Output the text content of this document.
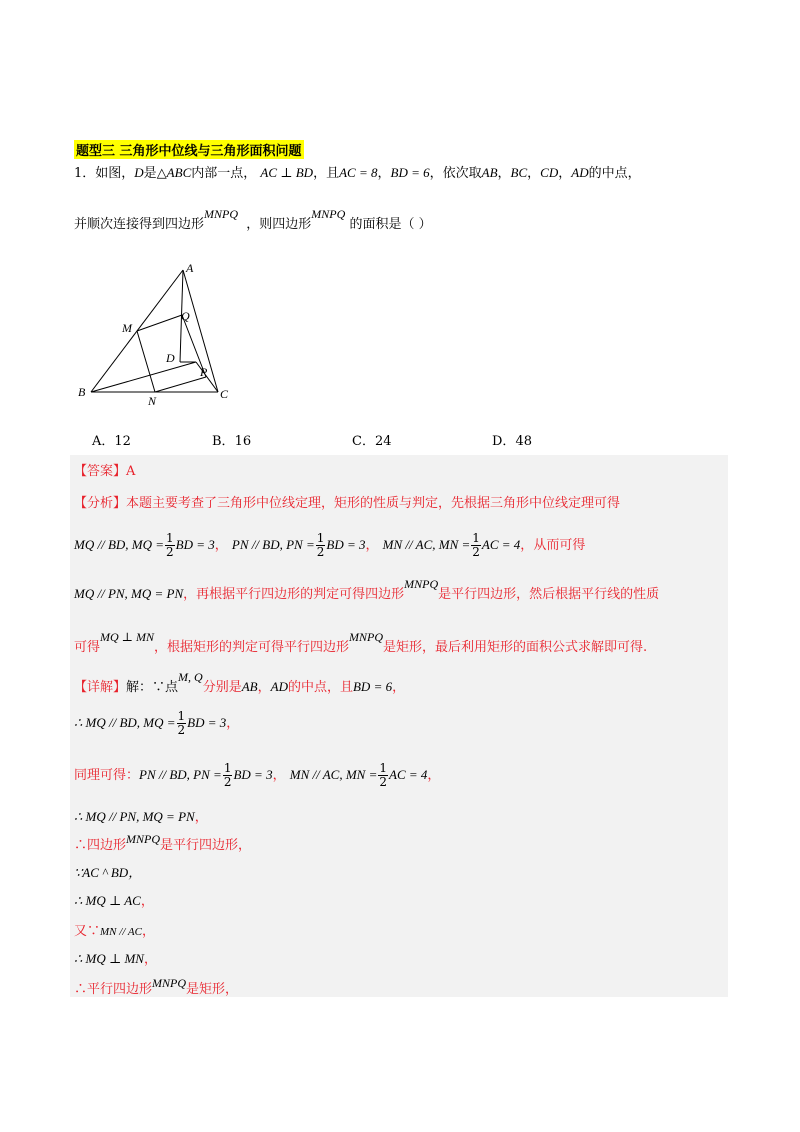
题型三 三角形中位线与三角形面积问题
1．如图，D是△ABC内部一点， AC ⊥ BD，且AC = 8，BD = 6，依次取AB，BC，CD，AD的中点，
并顺次连接得到四边形MNPQ  ，则四边形MNPQ 的面积是（ ）
A
B	C
D
M
N
P
Q
A．12	B．16	C．24	D．48
【答案】A
【分析】本题主要考查了三角形中位线定理，矩形的性质与判定，先根据三角形中位线定理可得
MQ // BD, MQ = $\frac{1}{2}$ BD = 3， PN // BD, PN = $\frac{1}{2}$ BD = 3， MN // AC, MN = $\frac{1}{2}$ AC = 4，从而可得
MQ // PN, MQ = PN，再根据平行四边形的判定可得四边形MNPQ是平行四边形，然后根据平行线的性质
可得MQ ⊥ MN，根据矩形的判定可得平行四边形MNPQ是矩形，最后利用矩形的面积公式求解即可得.
【详解】解：∵点M, Q分别是AB，AD的中点，且BD = 6，
∴ MQ // BD, MQ = $\frac{1}{2}$ BD = 3，
同理可得：PN // BD, PN = $\frac{1}{2}$ BD = 3， MN // AC, MN = $\frac{1}{2}$ AC = 4，
∴ MQ // PN, MQ = PN，
∴四边形MNPQ是平行四边形，
∵AC ^ BD，
∴ MQ ⊥ AC，
又∵MN // AC，
∴ MQ ⊥ MN，
∴平行四边形MNPQ是矩形，
